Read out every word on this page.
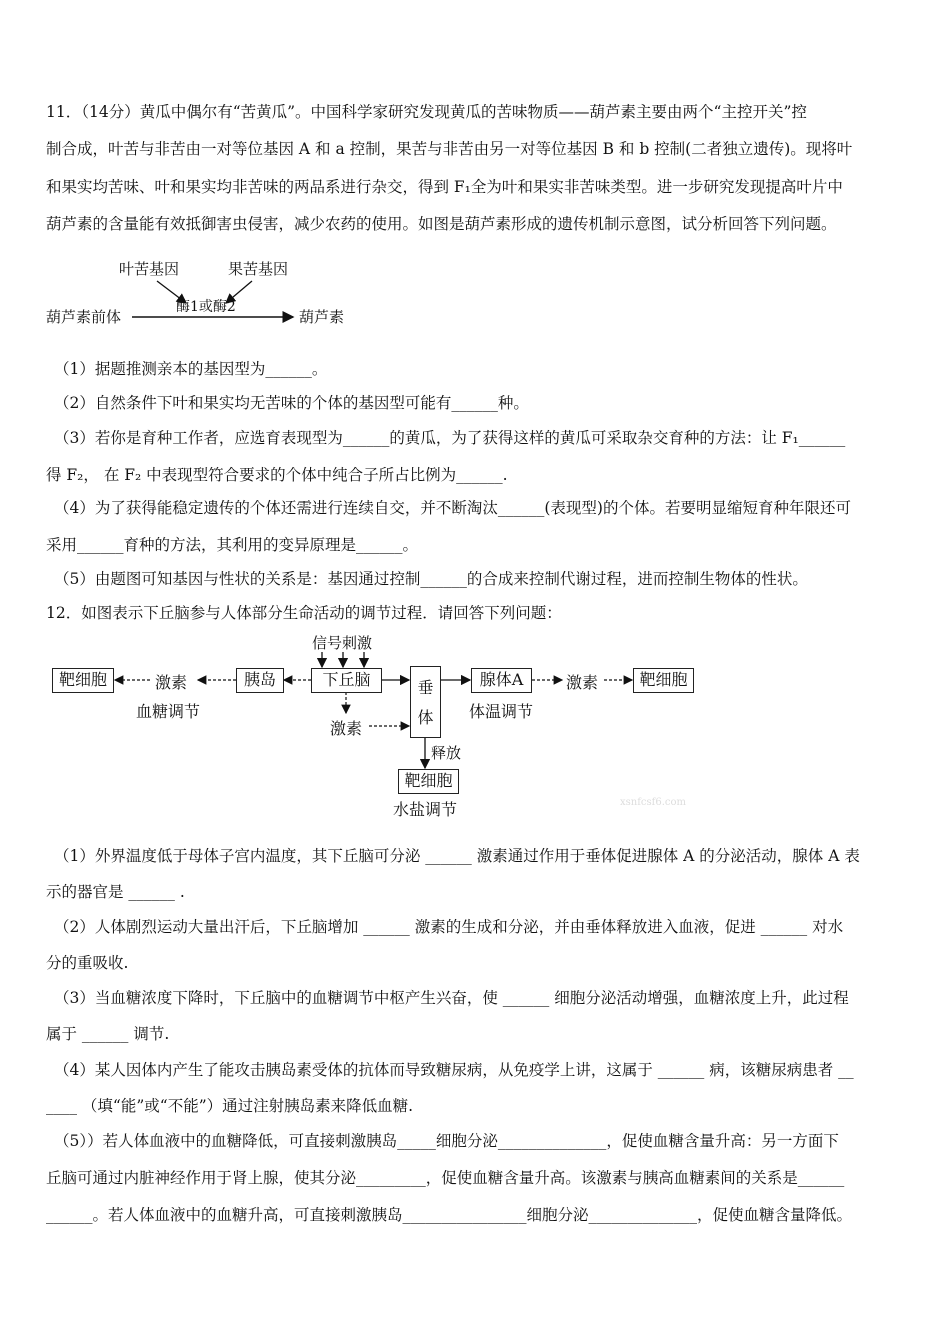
11．（14分）黄瓜中偶尔有“苦黄瓜”。中国科学家研究发现黄瓜的苦味物质——葫芦素主要由两个“主控开关”控
制合成，叶苦与非苦由一对等位基因 A 和 a 控制，果苦与非苦由另一对等位基因 B 和 b 控制(二者独立遗传)。现将叶
和果实均苦味、叶和果实均非苦味的两品系进行杂交，得到 F₁全为叶和果实非苦味类型。进一步研究发现提高叶片中
葫芦素的含量能有效抵御害虫侵害，减少农药的使用。如图是葫芦素形成的遗传机制示意图，试分析回答下列问题。
叶苦基因	果苦基因
酶1或酶2
葫芦素前体	葫芦素
（1）据题推测亲本的基因型为______。
（2）自然条件下叶和果实均无苦味的个体的基因型可能有______种。
（3）若你是育种工作者，应选育表现型为______的黄瓜，为了获得这样的黄瓜可采取杂交育种的方法：让 F₁______
得 F₂， 在 F₂ 中表现型符合要求的个体中纯合子所占比例为______.
（4）为了获得能稳定遗传的个体还需进行连续自交，并不断淘汰______(表现型)的个体。若要明显缩短育种年限还可
采用______育种的方法，其利用的变异原理是______。
（5）由题图可知基因与性状的关系是：基因通过控制______的合成来控制代谢过程，进而控制生物体的性状。
12．如图表示下丘脑参与人体部分生命活动的调节过程．请回答下列问题：
信号刺激
靶细胞	激素
血糖调节
胰岛	下丘脑
激素
垂
体
腺体A
体温调节
激素	靶细胞
释放
靶细胞
水盐调节	xsnfcsf6.com
（1）外界温度低于母体子宫内温度，其下丘脑可分泌 ______ 激素通过作用于垂体促进腺体 A 的分泌活动，腺体 A 表
示的器官是 ______ .
（2）人体剧烈运动大量出汗后，下丘脑增加 ______ 激素的生成和分泌，并由垂体释放进入血液，促进 ______ 对水
分的重吸收.
（3）当血糖浓度下降时，下丘脑中的血糖调节中枢产生兴奋，使 ______ 细胞分泌活动增强，血糖浓度上升，此过程
属于 ______ 调节.
（4）某人因体内产生了能攻击胰岛素受体的抗体而导致糖尿病，从免疫学上讲，这属于 ______ 病，该糖尿病患者 __
____ （填“能”或“不能”）通过注射胰岛素来降低血糖.
（5））若人体血液中的血糖降低，可直接刺激胰岛_____细胞分泌______________，促使血糖含量升高：另一方面下
丘脑可通过内脏神经作用于肾上腺，使其分泌_________，促使血糖含量升高。该激素与胰高血糖素间的关系是______
______。若人体血液中的血糖升高，可直接刺激胰岛________________细胞分泌______________，促使血糖含量降低。
